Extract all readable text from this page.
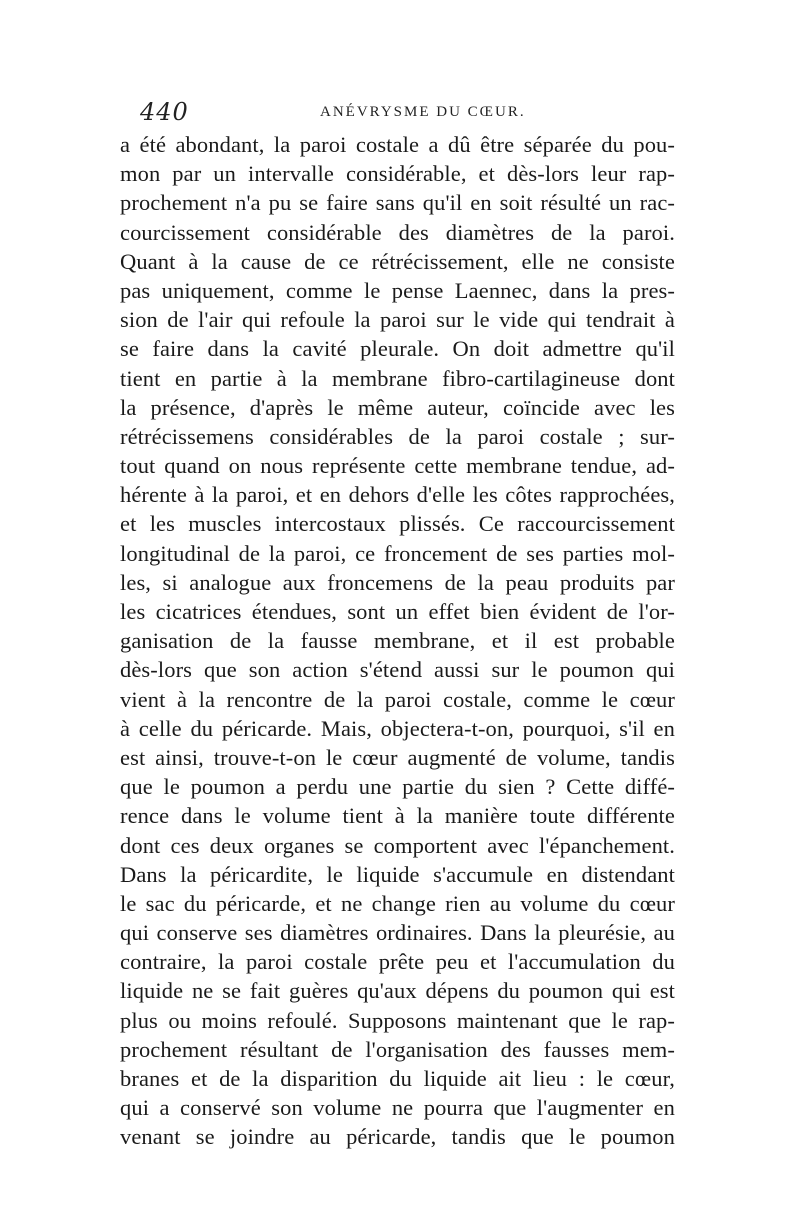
440	ANÉVRYSME DU CŒUR.
a été abondant, la paroi costale a dû être séparée du pou-
mon par un intervalle considérable, et dès-lors leur rap-
prochement n'a pu se faire sans qu'il en soit résulté un rac-
courcissement considérable des diamètres de la paroi.
Quant à la cause de ce rétrécissement, elle ne consiste
pas uniquement, comme le pense Laennec, dans la pres-
sion de l'air qui refoule la paroi sur le vide qui tendrait à
se faire dans la cavité pleurale. On doit admettre qu'il
tient en partie à la membrane fibro-cartilagineuse dont
la présence, d'après le même auteur, coïncide avec les
rétrécissemens considérables de la paroi costale ; sur-
tout quand on nous représente cette membrane tendue, ad-
hérente à la paroi, et en dehors d'elle les côtes rapprochées,
et les muscles intercostaux plissés. Ce raccourcissement
longitudinal de la paroi, ce froncement de ses parties mol-
les, si analogue aux froncemens de la peau produits par
les cicatrices étendues, sont un effet bien évident de l'or-
ganisation de la fausse membrane, et il est probable
dès-lors que son action s'étend aussi sur le poumon qui
vient à la rencontre de la paroi costale, comme le cœur
à celle du péricarde. Mais, objectera-t-on, pourquoi, s'il en
est ainsi, trouve-t-on le cœur augmenté de volume, tandis
que le poumon a perdu une partie du sien ? Cette diffé-
rence dans le volume tient à la manière toute différente
dont ces deux organes se comportent avec l'épanchement.
Dans la péricardite, le liquide s'accumule en distendant
le sac du péricarde, et ne change rien au volume du cœur
qui conserve ses diamètres ordinaires. Dans la pleurésie, au
contraire, la paroi costale prête peu et l'accumulation du
liquide ne se fait guères qu'aux dépens du poumon qui est
plus ou moins refoulé. Supposons maintenant que le rap-
prochement résultant de l'organisation des fausses mem-
branes et de la disparition du liquide ait lieu : le cœur,
qui a conservé son volume ne pourra que l'augmenter en
venant se joindre au péricarde, tandis que le poumon
